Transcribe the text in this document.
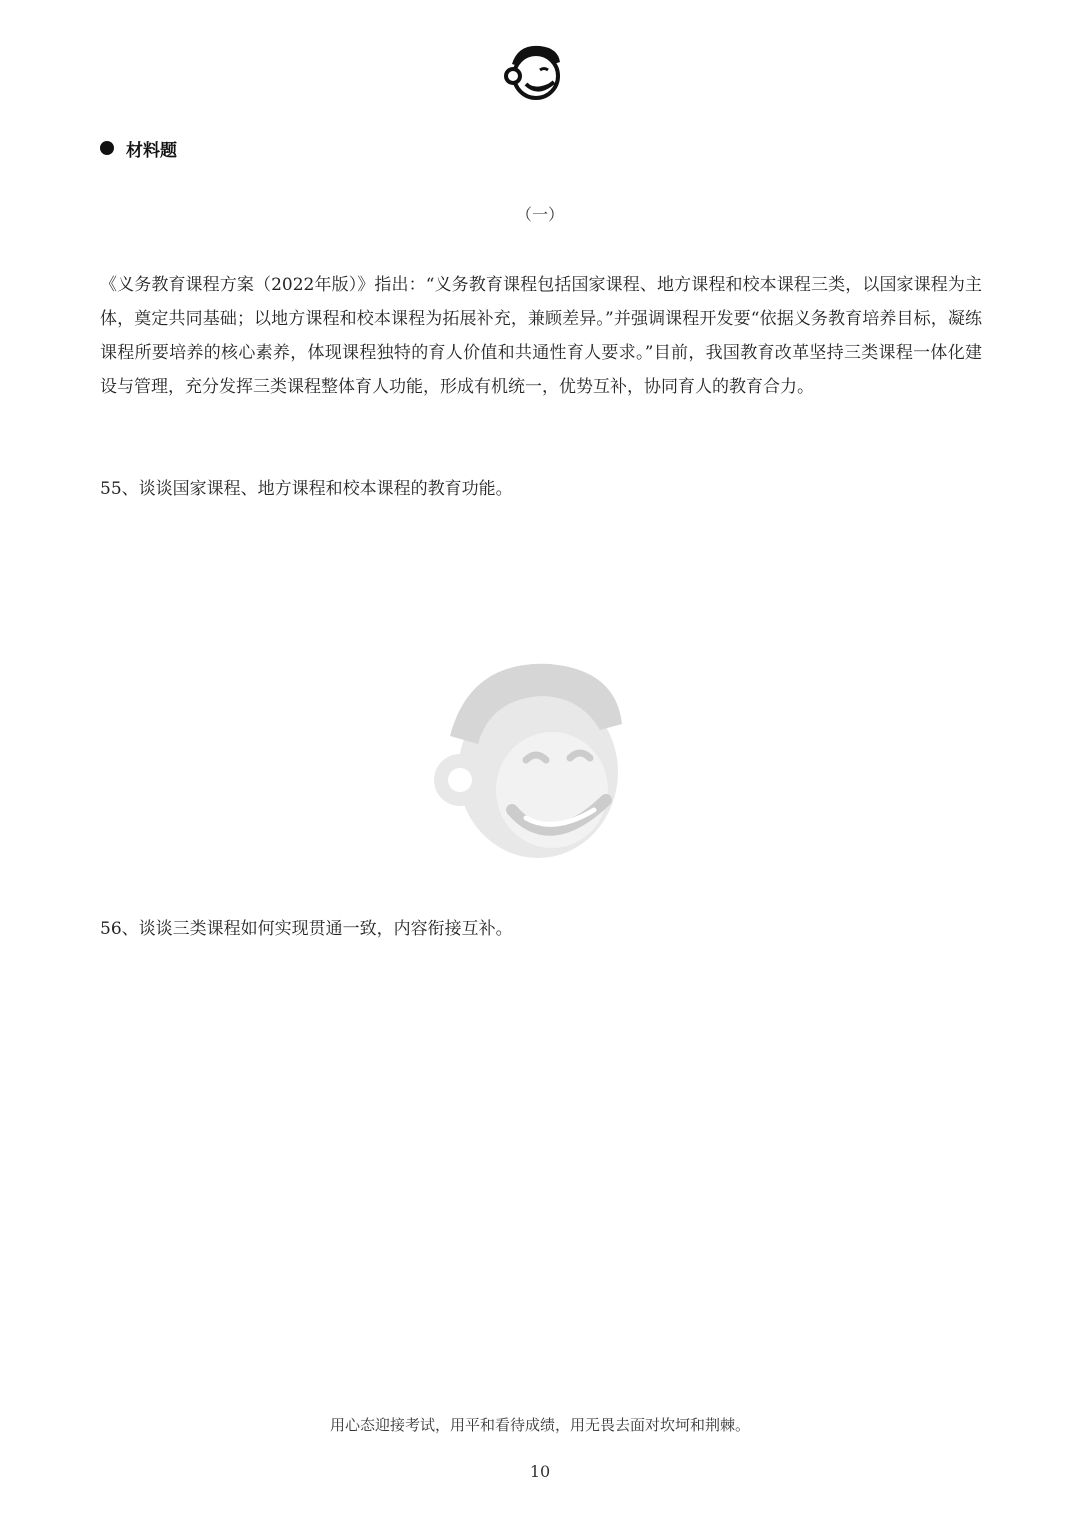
材料题
（一）

《义务教育课程方案（2022年版）》指出：“义务教育课程包括国家课程、地方课程和校本课程三类，以国家课程为主体，奠定共同基础；以地方课程和校本课程为拓展补充，兼顾差异。”并强调课程开发要“依据义务教育培养目标，凝练课程所要培养的核心素养，体现课程独特的育人价值和共通性育人要求。”目前，我国教育改革坚持三类课程一体化建设与管理，充分发挥三类课程整体育人功能，形成有机统一，优势互补，协同育人的教育合力。

55、谈谈国家课程、地方课程和校本课程的教育功能。
56、谈谈三类课程如何实现贯通一致，内容衔接互补。
用心态迎接考试，用平和看待成绩，用无畏去面对坎坷和荆棘。
10
